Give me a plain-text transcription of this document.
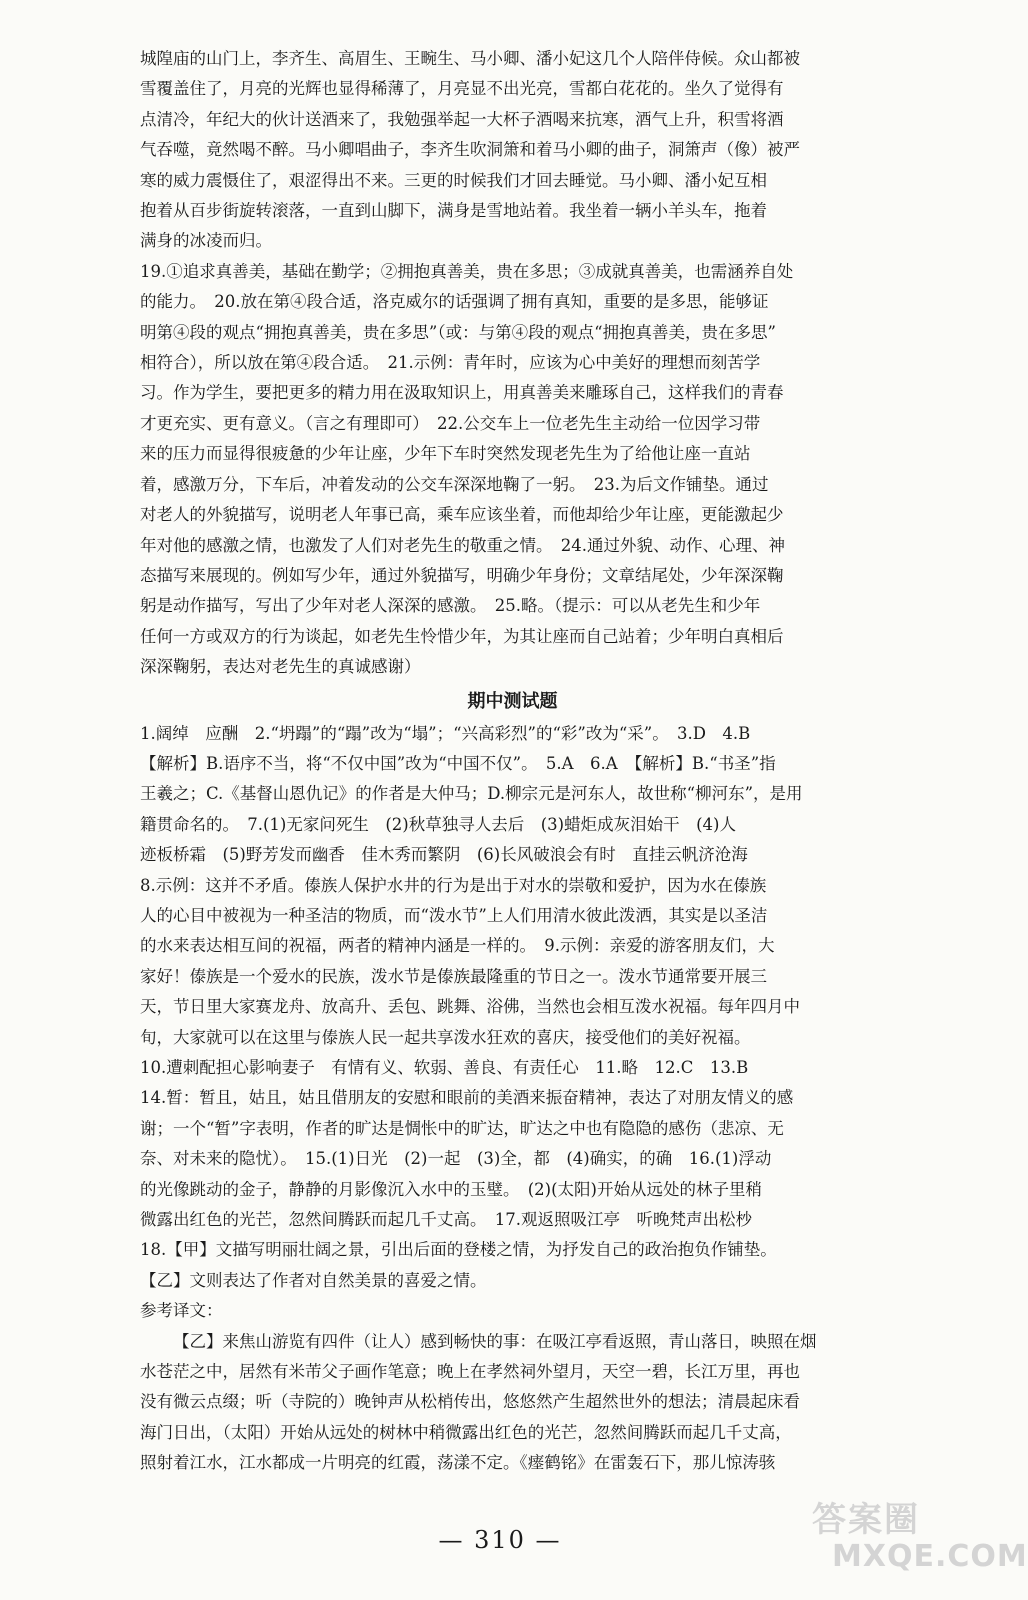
城隍庙的山门上，李齐生、高眉生、王畹生、马小卿、潘小妃这几个人陪伴侍候。众山都被
雪覆盖住了，月亮的光辉也显得稀薄了，月亮显不出光亮，雪都白花花的。坐久了觉得有
点清冷，年纪大的伙计送酒来了，我勉强举起一大杯子酒喝来抗寒，酒气上升，积雪将酒
气吞噬，竟然喝不醉。马小卿唱曲子，李齐生吹洞箫和着马小卿的曲子，洞箫声（像）被严
寒的威力震慑住了，艰涩得出不来。三更的时候我们才回去睡觉。马小卿、潘小妃互相
抱着从百步街旋转滚落，一直到山脚下，满身是雪地站着。我坐着一辆小羊头车，拖着
满身的冰凌而归。
19.①追求真善美，基础在勤学；②拥抱真善美，贵在多思；③成就真善美，也需涵养自处
的能力。　20.放在第④段合适，洛克威尔的话强调了拥有真知，重要的是多思，能够证
明第④段的观点“拥抱真善美，贵在多思”（或：与第④段的观点“拥抱真善美，贵在多思”
相符合），所以放在第④段合适。　21.示例：青年时，应该为心中美好的理想而刻苦学
习。作为学生，要把更多的精力用在汲取知识上，用真善美来雕琢自己，这样我们的青春
才更充实、更有意义。（言之有理即可）　22.公交车上一位老先生主动给一位因学习带
来的压力而显得很疲惫的少年让座，少年下车时突然发现老先生为了给他让座一直站
着，感激万分，下车后，冲着发动的公交车深深地鞠了一躬。　23.为后文作铺垫。通过
对老人的外貌描写，说明老人年事已高，乘车应该坐着，而他却给少年让座，更能激起少
年对他的感激之情，也激发了人们对老先生的敬重之情。　24.通过外貌、动作、心理、神
态描写来展现的。例如写少年，通过外貌描写，明确少年身份；文章结尾处，少年深深鞠
躬是动作描写，写出了少年对老人深深的感激。　25.略。（提示：可以从老先生和少年
任何一方或双方的行为谈起，如老先生怜惜少年，为其让座而自己站着；少年明白真相后
深深鞠躬，表达对老先生的真诚感谢）
期中测试题
1.阔绰　应酬　2.“坍蹋”的“蹋”改为“塌”；“兴高彩烈”的“彩”改为“采”。　3.D　4.B
【解析】B.语序不当，将“不仅中国”改为“中国不仅”。　5.A　6.A　【解析】B.“书圣”指
王羲之；C.《基督山恩仇记》的作者是大仲马；D.柳宗元是河东人，故世称“柳河东”，是用
籍贯命名的。　7.(1)无家问死生　(2)秋草独寻人去后　(3)蜡炬成灰泪始干　(4)人
迹板桥霜　(5)野芳发而幽香　佳木秀而繁阴　(6)长风破浪会有时　直挂云帆济沧海
8.示例：这并不矛盾。傣族人保护水井的行为是出于对水的崇敬和爱护，因为水在傣族
人的心目中被视为一种圣洁的物质，而“泼水节”上人们用清水彼此泼洒，其实是以圣洁
的水来表达相互间的祝福，两者的精神内涵是一样的。　9.示例：亲爱的游客朋友们，大
家好！傣族是一个爱水的民族，泼水节是傣族最隆重的节日之一。泼水节通常要开展三
天，节日里大家赛龙舟、放高升、丢包、跳舞、浴佛，当然也会相互泼水祝福。每年四月中
旬，大家就可以在这里与傣族人民一起共享泼水狂欢的喜庆，接受他们的美好祝福。
10.遭刺配担心影响妻子　有情有义、软弱、善良、有责任心　11.略　12.C　13.B
14.暂：暂且，姑且，姑且借朋友的安慰和眼前的美酒来振奋精神，表达了对朋友情义的感
谢；一个“暂”字表明，作者的旷达是惆怅中的旷达，旷达之中也有隐隐的感伤（悲凉、无
奈、对未来的隐忧）。　15.(1)日光　(2)一起　(3)全，都　(4)确实，的确　16.(1)浮动
的光像跳动的金子，静静的月影像沉入水中的玉璧。　(2)(太阳)开始从远处的林子里稍
微露出红色的光芒，忽然间腾跃而起几千丈高。　17.观返照吸江亭　听晚梵声出松杪
18.【甲】文描写明丽壮阔之景，引出后面的登楼之情，为抒发自己的政治抱负作铺垫。
【乙】文则表达了作者对自然美景的喜爱之情。
参考译文：
【乙】来焦山游览有四件（让人）感到畅快的事：在吸江亭看返照，青山落日，映照在烟
水苍茫之中，居然有米芾父子画作笔意；晚上在孝然祠外望月，天空一碧，长江万里，再也
没有微云点缀；听（寺院的）晚钟声从松梢传出，悠悠然产生超然世外的想法；清晨起床看
海门日出，（太阳）开始从远处的树林中稍微露出红色的光芒，忽然间腾跃而起几千丈高，
照射着江水，江水都成一片明亮的红霞，荡漾不定。《瘗鹤铭》在雷轰石下，那儿惊涛骇
— 310 —	答案圈
MXQE.COM
